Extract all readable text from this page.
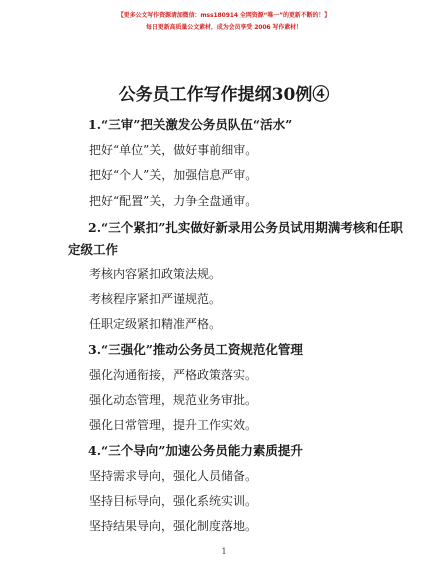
【更多公文写作资源请加微信：mss180914 全网资源“唯一”的更新不断的！】
每日更新高质量公文素材，成为会员享受 2006 写作素材！
公务员工作写作提纲30例④
1.“三审”把关激发公务员队伍“活水”
把好“单位”关，做好事前细审。
把好“个人”关，加强信息严审。
把好“配置”关，力争全盘通审。
2.“三个紧扣”扎实做好新录用公务员试用期满考核和任职
定级工作
考核内容紧扣政策法规。
考核程序紧扣严谨规范。
任职定级紧扣精准严格。
3.“三强化”推动公务员工资规范化管理
强化沟通衔接，严格政策落实。
强化动态管理，规范业务审批。
强化日常管理，提升工作实效。
4.“三个导向”加速公务员能力素质提升
坚持需求导向，强化人员储备。
坚持目标导向，强化系统实训。
坚持结果导向，强化制度落地。
1
